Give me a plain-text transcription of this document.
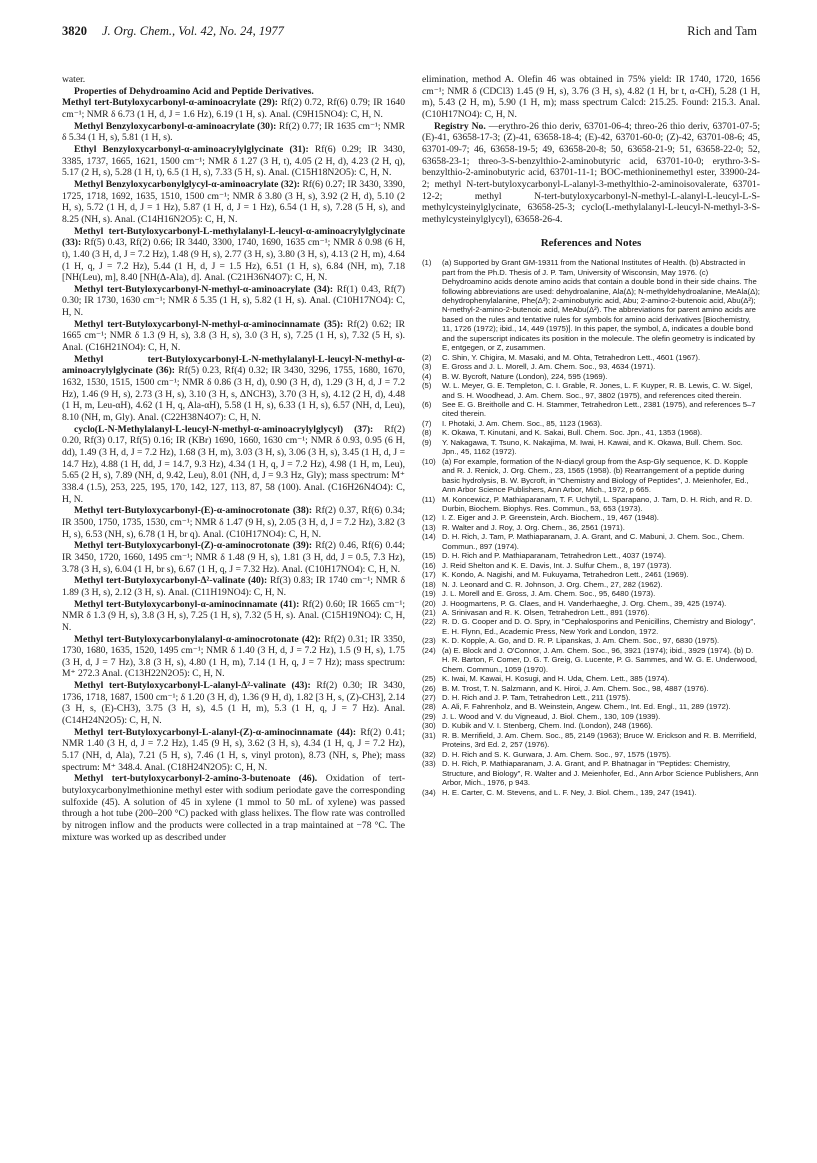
3820 J. Org. Chem., Vol. 42, No. 24, 1977	Rich and Tam

water.

Properties of Dehydroamino Acid and Peptide Derivatives.

Methyl tert-Butyloxycarbonyl-α-aminoacrylate (29): Rf(2) 0.72, Rf(6) 0.79; IR 1640 cm⁻¹; NMR δ 6.73 (1 H, d, J = 1.6 Hz), 6.19 (1 H, s). Anal. (C9H15NO4): C, H, N.

Methyl Benzyloxycarbonyl-α-aminoacrylate (30): Rf(2) 0.77; IR 1635 cm⁻¹; NMR δ 5.34 (1 H, s), 5.81 (1 H, s).

Ethyl Benzyloxycarbonyl-α-aminoacrylylglycinate (31): Rf(6) 0.29; IR 3430, 3385, 1737, 1665, 1621, 1500 cm⁻¹; NMR δ 1.27 (3 H, t), 4.05 (2 H, d), 4.23 (2 H, q), 5.17 (2 H, s), 5.28 (1 H, t), 6.5 (1 H, s), 7.33 (5 H, s). Anal. (C15H18N2O5): C, H, N.

Methyl Benzyloxycarbonylglycyl-α-aminoacrylate (32): Rf(6) 0.27; IR 3430, 3390, 1725, 1718, 1692, 1635, 1510, 1500 cm⁻¹; NMR δ 3.80 (3 H, s), 3.92 (2 H, d), 5.10 (2 H, s), 5.72 (1 H, d, J = 1 Hz), 5.87 (1 H, d, J = 1 Hz), 6.54 (1 H, s), 7.28 (5 H, s), and 8.25 (NH, s). Anal. (C14H16N2O5): C, H, N.

Methyl tert-Butyloxycarbonyl-L-methylalanyl-L-leucyl-α-aminoacrylylglycinate (33): Rf(5) 0.43, Rf(2) 0.66; IR 3440, 3300, 1740, 1690, 1635 cm⁻¹; NMR δ 0.98 (6 H, t), 1.40 (3 H, d, J = 7.2 Hz), 1.48 (9 H, s), 2.77 (3 H, s), 3.80 (3 H, s), 4.13 (2 H, m), 4.64 (1 H, q, J = 7.2 Hz), 5.44 (1 H, d, J = 1.5 Hz), 6.51 (1 H, s), 6.84 (NH, m), 7.18 [NH(Leu), m], 8.40 [NH(Δ-Ala), d]. Anal. (C21H36N4O7): C, H, N.

Methyl tert-Butyloxycarbonyl-N-methyl-α-aminoacrylate (34): Rf(1) 0.43, Rf(7) 0.30; IR 1730, 1630 cm⁻¹; NMR δ 5.35 (1 H, s), 5.82 (1 H, s). Anal. (C10H17NO4): C, H, N.

Methyl tert-Butyloxycarbonyl-N-methyl-α-aminocinnamate (35): Rf(2) 0.62; IR 1665 cm⁻¹; NMR δ 1.3 (9 H, s), 3.8 (3 H, s), 3.0 (3 H, s), 7.25 (1 H, s), 7.32 (5 H, s). Anal. (C16H21NO4): C, H, N.

Methyl tert-Butyloxycarbonyl-L-N-methylalanyl-L-leucyl-N-methyl-α-aminoacrylylglycinate (36): Rf(5) 0.23, Rf(4) 0.32; IR 3430, 3296, 1755, 1680, 1670, 1632, 1530, 1515, 1500 cm⁻¹; NMR δ 0.86 (3 H, d), 0.90 (3 H, d), 1.29 (3 H, d, J = 7.2 Hz), 1.46 (9 H, s), 2.73 (3 H, s), 3.10 (3 H, s, ΔNCH3), 3.70 (3 H, s), 4.12 (2 H, d), 4.48 (1 H, m, Leu-αH), 4.62 (1 H, q, Ala-αH), 5.58 (1 H, s), 6.33 (1 H, s), 6.57 (NH, d, Leu), 8.10 (NH, m, Gly). Anal. (C22H38N4O7): C, H, N.

cyclo(L-N-Methylalanyl-L-leucyl-N-methyl-α-aminoacrylylglycyl) (37): Rf(2) 0.20, Rf(3) 0.17, Rf(5) 0.16; IR (KBr) 1690, 1660, 1630 cm⁻¹; NMR δ 0.93, 0.95 (6 H, dd), 1.49 (3 H, d, J = 7.2 Hz), 1.68 (3 H, m), 3.03 (3 H, s), 3.06 (3 H, s), 3.45 (1 H, d, J = 14.7 Hz), 4.88 (1 H, dd, J = 14.7, 9.3 Hz), 4.34 (1 H, q, J = 7.2 Hz), 4.98 (1 H, m, Leu), 5.65 (2 H, s), 7.89 (NH, d, 9.42, Leu), 8.01 (NH, d, J = 9.3 Hz, Gly); mass spectrum: M⁺ 338.4 (1.5), 253, 225, 195, 170, 142, 127, 113, 87, 58 (100). Anal. (C16H26N4O4): C, H, N.

Methyl tert-Butyloxycarbonyl-(E)-α-aminocrotonate (38): Rf(2) 0.37, Rf(6) 0.34; IR 3500, 1750, 1735, 1530, cm⁻¹; NMR δ 1.47 (9 H, s), 2.05 (3 H, d, J = 7.2 Hz), 3.82 (3 H, s), 6.53 (NH, s), 6.78 (1 H, br q). Anal. (C10H17NO4): C, H, N.

Methyl tert-Butyloxycarbonyl-(Z)-α-aminocrotonate (39): Rf(2) 0.46, Rf(6) 0.44; IR 3450, 1720, 1660, 1495 cm⁻¹; NMR δ 1.48 (9 H, s), 1.81 (3 H, dd, J = 0.5, 7.3 Hz), 3.78 (3 H, s), 6.04 (1 H, br s), 6.67 (1 H, q, J = 7.32 Hz). Anal. (C10H17NO4): C, H, N.

Methyl tert-Butyloxycarbonyl-Δ²-valinate (40): Rf(3) 0.83; IR 1740 cm⁻¹; NMR δ 1.89 (3 H, s), 2.12 (3 H, s). Anal. (C11H19NO4): C, H, N.

Methyl tert-Butyloxycarbonyl-α-aminocinnamate (41): Rf(2) 0.60; IR 1665 cm⁻¹; NMR δ 1.3 (9 H, s), 3.8 (3 H, s), 7.25 (1 H, s), 7.32 (5 H, s). Anal. (C15H19NO4): C, H, N.

Methyl tert-Butyloxycarbonylalanyl-α-aminocrotonate (42): Rf(2) 0.31; IR 3350, 1730, 1680, 1635, 1520, 1495 cm⁻¹; NMR δ 1.40 (3 H, d, J = 7.2 Hz), 1.5 (9 H, s), 1.75 (3 H, d, J = 7 Hz), 3.8 (3 H, s), 4.80 (1 H, m), 7.14 (1 H, q, J = 7 Hz); mass spectrum: M⁺ 272.3 Anal. (C13H22N2O5): C, H, N.

Methyl tert-Butyloxycarbonyl-L-alanyl-Δ²-valinate (43): Rf(2) 0.30; IR 3430, 1736, 1718, 1687, 1500 cm⁻¹; δ 1.20 (3 H, d), 1.36 (9 H, d), 1.82 [3 H, s, (Z)-CH3], 2.14 (3 H, s, (E)-CH3), 3.75 (3 H, s), 4.5 (1 H, m), 5.3 (1 H, q, J = 7 Hz). Anal. (C14H24N2O5): C, H, N.

Methyl tert-Butyloxycarbonyl-L-alanyl-(Z)-α-aminocinnamate (44): Rf(2) 0.41; NMR 1.40 (3 H, d, J = 7.2 Hz), 1.45 (9 H, s), 3.62 (3 H, s), 4.34 (1 H, q, J = 7.2 Hz), 5.17 (NH, d, Ala), 7.21 (5 H, s), 7.46 (1 H, s, vinyl proton), 8.73 (NH, s, Phe); mass spectrum: M⁺ 348.4. Anal. (C18H24N2O5): C, H, N.

Methyl tert-butyloxycarbonyl-2-amino-3-butenoate (46). Oxidation of tert-butyloxycarbonylmethionine methyl ester with sodium periodate gave the corresponding sulfoxide (45). A solution of 45 in xylene (1 mmol to 50 mL of xylene) was passed through a hot tube (200–200 °C) packed with glass helixes. The flow rate was controlled by nitrogen inflow and the products were collected in a trap maintained at −78 °C. The mixture was worked up as described under

elimination, method A. Olefin 46 was obtained in 75% yield: IR 1740, 1720, 1656 cm⁻¹; NMR δ (CDCl3) 1.45 (9 H, s), 3.76 (3 H, s), 4.82 (1 H, br t, α-CH), 5.28 (1 H, m), 5.43 (2 H, m), 5.90 (1 H, m); mass spectrum Calcd: 215.25. Found: 215.3. Anal. (C10H17NO4): C, H, N.

Registry No. —erythro-26 thio deriv, 63701-06-4; threo-26 thio deriv, 63701-07-5; (E)-41, 63658-17-3; (Z)-41, 63658-18-4; (E)-42, 63701-60-0; (Z)-42, 63701-08-6; 45, 63701-09-7; 46, 63658-19-5; 49, 63658-20-8; 50, 63658-21-9; 51, 63658-22-0; 52, 63658-23-1; threo-3-S-benzylthio-2-aminobutyric acid, 63701-10-0; erythro-3-S-benzylthio-2-aminobutyric acid, 63701-11-1; BOC-methioninemethyl ester, 33900-24-2; methyl N-tert-butyloxycarbonyl-L-alanyl-3-methylthio-2-aminoisovalerate, 63701-12-2; methyl N-tert-butyloxycarbonyl-N-methyl-L-alanyl-L-leucyl-L-S-methylcysteinylglycinate, 63658-25-3; cyclo(L-methylalanyl-L-leucyl-N-methyl-3-S-methylcysteinylglycyl), 63658-26-4.

References and Notes
(1)	(a) Supported by Grant GM-19311 from the National Institutes of Health. (b) Abstracted in part from the Ph.D. Thesis of J. P. Tam, University of Wisconsin, May 1976. (c) Dehydroamino acids denote amino acids that contain a double bond in their side chains. The following abbreviations are used: dehydroalanine, Ala(Δ); N-methyldehydroalanine, MeAla(Δ); dehydrophenylalanine, Phe(Δ²); 2-aminobutyric acid, Abu; 2-amino-2-butenoic acid, Abu(Δ²); N-methyl-2-amino-2-butenoic acid, MeAbu(Δ²). The abbreviations for parent amino acids are based on the rules and tentative rules for symbols for amino acid derivatives [Biochemistry, 11, 1726 (1972); ibid., 14, 449 (1975)]. In this paper, the symbol, Δ, indicates a double bond and the superscript indicates its position in the molecule. The olefin geometry is indicated by E, entgegen, or Z, zusammen.
(2)	C. Shin, Y. Chigira, M. Masaki, and M. Ohta, Tetrahedron Lett., 4601 (1967).
(3)	E. Gross and J. L. Morell, J. Am. Chem. Soc., 93, 4634 (1971).
(4)	B. W. Bycroft, Nature (London), 224, 595 (1969).
(5)	W. L. Meyer, G. E. Templeton, C. I. Grable, R. Jones, L. F. Kuyper, R. B. Lewis, C. W. Sigel, and S. H. Woodhead, J. Am. Chem. Soc., 97, 3802 (1975), and references cited therein.
(6)	See E. G. Breitholle and C. H. Stammer, Tetrahedron Lett., 2381 (1975), and references 5–7 cited therein.
(7)	I. Photaki, J. Am. Chem. Soc., 85, 1123 (1963).
(8)	K. Okawa, T. Kinutani, and K. Sakai, Bull. Chem. Soc. Jpn., 41, 1353 (1968).
(9)	Y. Nakagawa, T. Tsuno, K. Nakajima, M. Iwai, H. Kawai, and K. Okawa, Bull. Chem. Soc. Jpn., 45, 1162 (1972).
(10) (a) For example, formation of the N-diacyl group from the Asp-Gly sequence, K. D. Kopple and R. J. Renick, J. Org. Chem., 23, 1565 (1958). (b) Rearrangement of a peptide during basic hydrolysis, B. W. Bycroft, in "Chemistry and Biology of Peptides", J. Meienhofer, Ed., Ann Arbor Science Publishers, Ann Arbor, Mich., 1972, p 665.
(11) M. Koncewicz, P. Mathiaparanam, T. F. Uchytil, L. Sparapano, J. Tam, D. H. Rich, and R. D. Durbin, Biochem. Biophys. Res. Commun., 53, 653 (1973).
(12) I. Z. Eiger and J. P. Greenstein, Arch. Biochem., 19, 467 (1948).
(13) R. Walter and J. Roy, J. Org. Chem., 36, 2561 (1971).
(14) D. H. Rich, J. Tam, P. Mathiaparanam, J. A. Grant, and C. Mabuni, J. Chem. Soc., Chem. Commun., 897 (1974).
(15) D. H. Rich and P. Mathiaparanam, Tetrahedron Lett., 4037 (1974).
(16) J. Reid Shelton and K. E. Davis, Int. J. Sulfur Chem., 8, 197 (1973).
(17) K. Kondo, A. Nagishi, and M. Fukuyama, Tetrahedron Lett., 2461 (1969).
(18) N. J. Leonard and C. R. Johnson, J. Org. Chem., 27, 282 (1962).
(19) J. L. Morell and E. Gross, J. Am. Chem. Soc., 95, 6480 (1973).
(20) J. Hoogmartens, P. G. Claes, and H. Vanderhaeghe, J. Org. Chem., 39, 425 (1974).
(21) A. Srinivasan and R. K. Olsen, Tetrahedron Lett., 891 (1976).
(22) R. D. G. Cooper and D. O. Spry, in "Cephalosporins and Penicillins, Chemistry and Biology", E. H. Flynn, Ed., Academic Press, New York and London, 1972.
(23) K. D. Kopple, A. Go, and D. R. P. Lipanskas, J. Am. Chem. Soc., 97, 6830 (1975).
(24) (a) E. Block and J. O'Connor, J. Am. Chem. Soc., 96, 3921 (1974); ibid., 3929 (1974). (b) D. H. R. Barton, F. Comer, D. G. T. Greig, G. Lucente, P. G. Sammes, and W. G. E. Underwood, Chem. Commun., 1059 (1970).
(25) K. Iwai, M. Kawai, H. Kosugi, and H. Uda, Chem. Lett., 385 (1974).
(26) B. M. Trost, T. N. Salzmann, and K. Hiroi, J. Am. Chem. Soc., 98, 4887 (1976).
(27) D. H. Rich and J. P. Tam, Tetrahedron Lett., 211 (1975).
(28) A. Ali, F. Fahrenholz, and B. Weinstein, Angew. Chem., Int. Ed. Engl., 11, 289 (1972).
(29) J. L. Wood and V. du Vigneaud, J. Biol. Chem., 130, 109 (1939).
(30) D. Kubik and V. I. Stenberg, Chem. Ind. (London), 248 (1966).
(31) R. B. Merrifield, J. Am. Chem. Soc., 85, 2149 (1963); Bruce W. Erickson and R. B. Merrifield, Proteins, 3rd Ed. 2, 257 (1976).
(32) D. H. Rich and S. K. Gurwara, J. Am. Chem. Soc., 97, 1575 (1975).
(33) D. H. Rich, P. Mathiaparanam, J. A. Grant, and P. Bhatnagar in "Peptides: Chemistry, Structure, and Biology", R. Walter and J. Meienhofer, Ed., Ann Arbor Science Publishers, Ann Arbor, Mich., 1976, p 943.
(34) H. E. Carter, C. M. Stevens, and L. F. Ney, J. Biol. Chem., 139, 247 (1941).
